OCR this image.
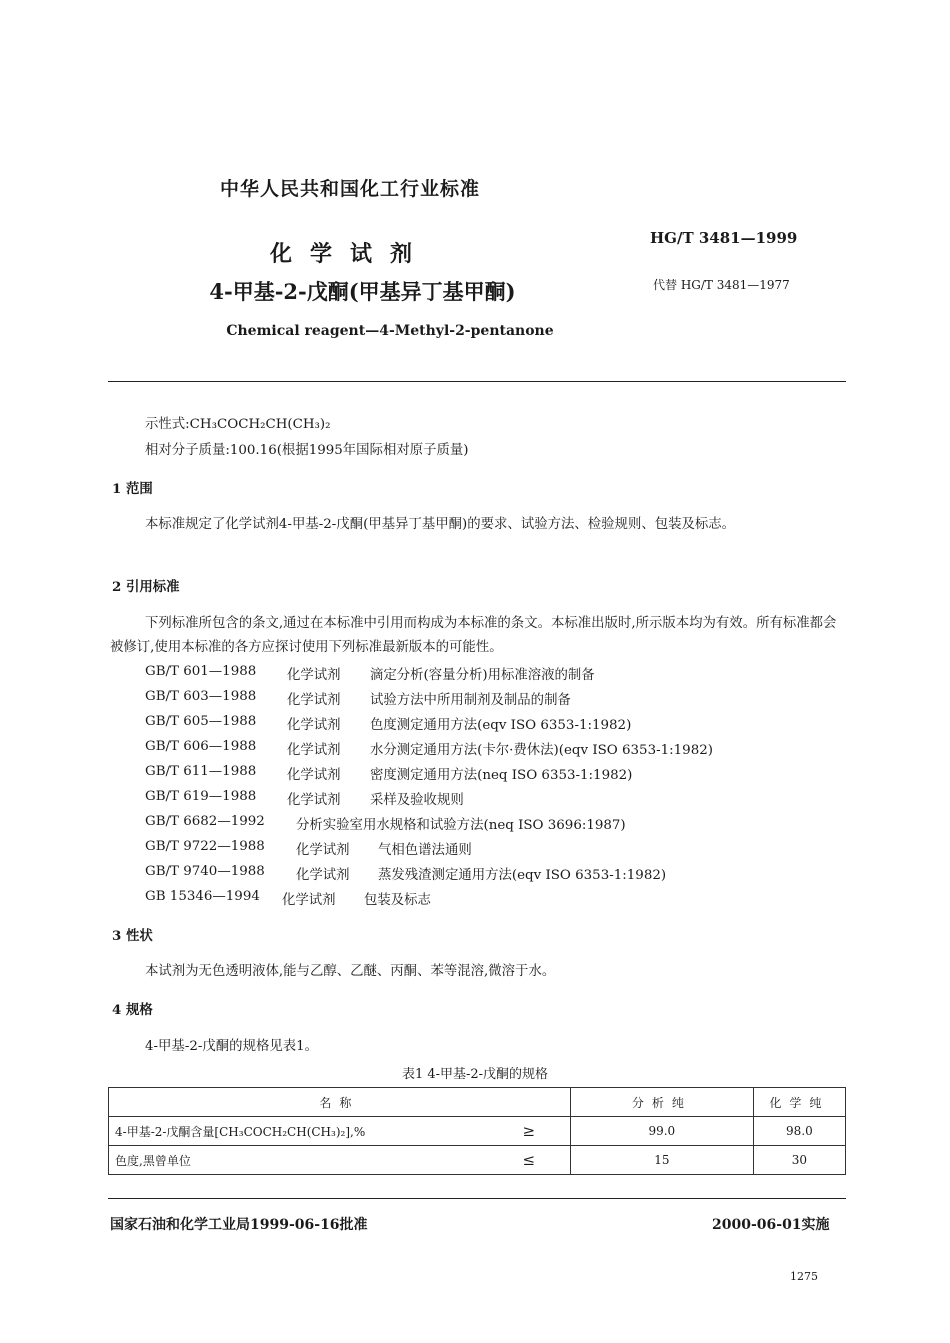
中华人民共和国化工行业标准
化学试剂
4-甲基-2-戊酮(甲基异丁基甲酮)
Chemical reagent—4-Methyl-2-pentanone
HG/T 3481—1999
代替 HG/T 3481—1977
示性式:CH₃COCH₂CH(CH₃)₂
相对分子质量:100.16(根据1995年国际相对原子质量)
1 范围
本标准规定了化学试剂4-甲基-2-戊酮(甲基异丁基甲酮)的要求、试验方法、检验规则、包装及标志。
2 引用标准
下列标准所包含的条文,通过在本标准中引用而构成为本标准的条文。本标准出版时,所示版本均为有效。所有标准都会被修订,使用本标准的各方应探讨使用下列标准最新版本的可能性。
GB/T 601—1988 化学试剂 滴定分析(容量分析)用标准溶液的制备
GB/T 603—1988 化学试剂 试验方法中所用制剂及制品的制备
GB/T 605—1988 化学试剂 色度测定通用方法(eqv ISO 6353-1:1982)
GB/T 606—1988 化学试剂 水分测定通用方法(卡尔·费休法)(eqv ISO 6353-1:1982)
GB/T 611—1988 化学试剂 密度测定通用方法(neq ISO 6353-1:1982)
GB/T 619—1988 化学试剂 采样及验收规则
GB/T 6682—1992 分析实验室用水规格和试验方法(neq ISO 3696:1987)
GB/T 9722—1988 化学试剂 气相色谱法通则
GB/T 9740—1988 化学试剂 蒸发残渣测定通用方法(eqv ISO 6353-1:1982)
GB 15346—1994 化学试剂 包装及标志
3 性状
本试剂为无色透明液体,能与乙醇、乙醚、丙酮、苯等混溶,微溶于水。
4 规格
4-甲基-2-戊酮的规格见表1。
表1 4-甲基-2-戊酮的规格
名称		分析纯	化学纯
4-甲基-2-戊酮含量[CH₃COCH₂CH(CH₃)₂],%	≥	99.0	98.0
色度,黑曾单位	≤	15	30
国家石油和化学工业局1999-06-16批准	2000-06-01实施
1275
